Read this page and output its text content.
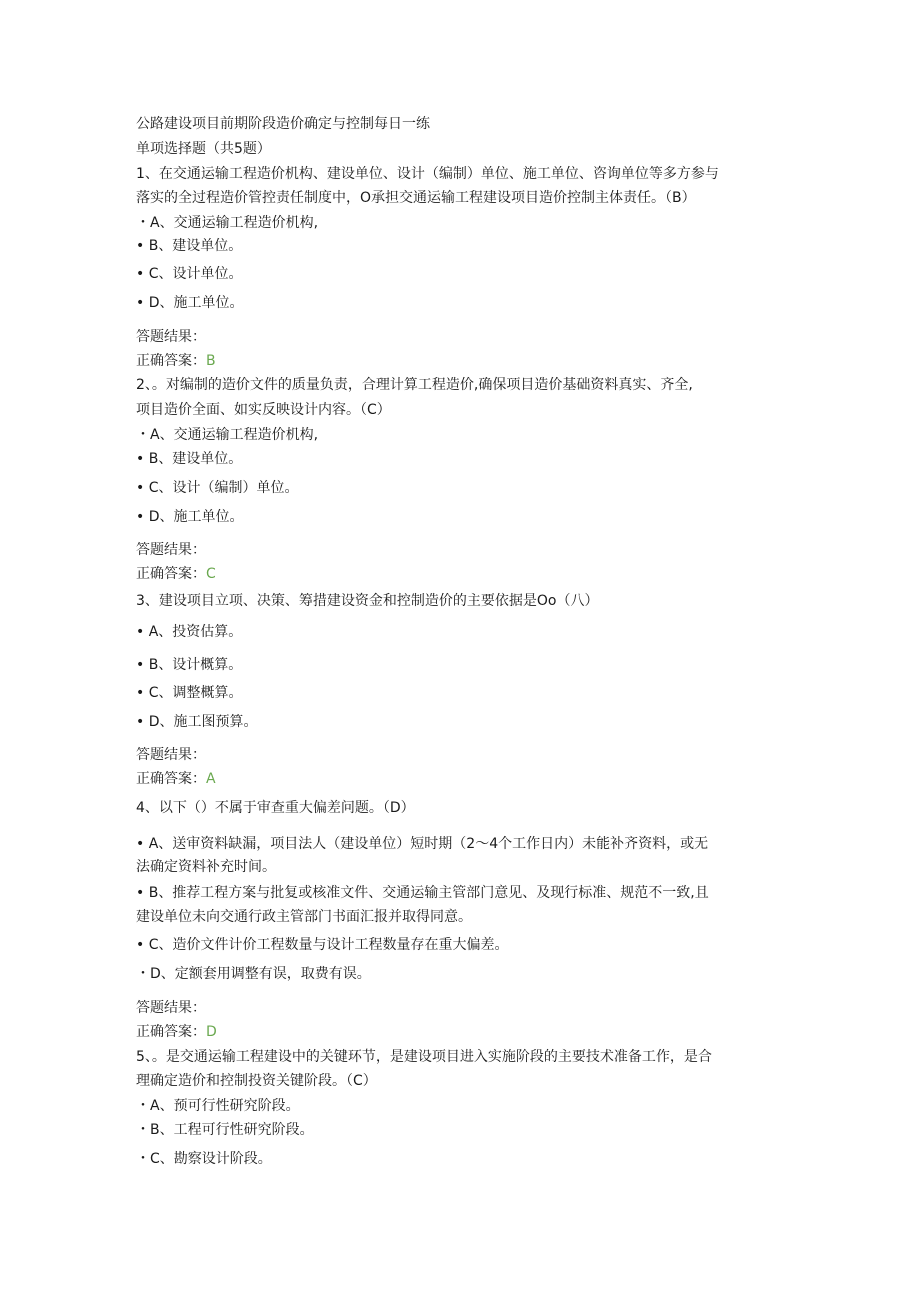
公路建设项目前期阶段造价确定与控制每日一练
单项选择题（共5题）
1、在交通运输工程造价机构、建设单位、设计（编制）单位、施工单位、咨询单位等多方参与
落实的全过程造价管控责任制度中，O承担交通运输工程建设项目造价控制主体责任。（B）
・A、交通运输工程造价机构,
• B、建设单位。
• C、设计单位。
• D、施工单位。
答题结果：
正确答案：B
2、。对编制的造价文件的质量负责，合理计算工程造价,确保项目造价基础资料真实、齐全,
项目造价全面、如实反映设计内容。（C）
・A、交通运输工程造价机构,
• B、建设单位。
• C、设计（编制）单位。
• D、施工单位。
答题结果：
正确答案：C
3、建设项目立项、决策、筹措建设资金和控制造价的主要依据是Oo（八）
• A、投资估算。
• B、设计概算。
• C、调整概算。
• D、施工图预算。
答题结果：
正确答案：A
4、以下（）不属于审查重大偏差问题。（D）
• A、送审资料缺漏，项目法人（建设单位）短时期（2～4个工作日内）未能补齐资料，或无
法确定资料补充时间。
• B、推荐工程方案与批复或核准文件、交通运输主管部门意见、及现行标准、规范不一致,且
建设单位未向交通行政主管部门书面汇报并取得同意。
• C、造价文件计价工程数量与设计工程数量存在重大偏差。
・D、定额套用调整有误，取费有误。
答题结果：
正确答案：D
5、。是交通运输工程建设中的关键环节，是建设项目进入实施阶段的主要技术准备工作，是合
理确定造价和控制投资关键阶段。（C）
・A、预可行性研究阶段。
・B、工程可行性研究阶段。
・C、勘察设计阶段。
